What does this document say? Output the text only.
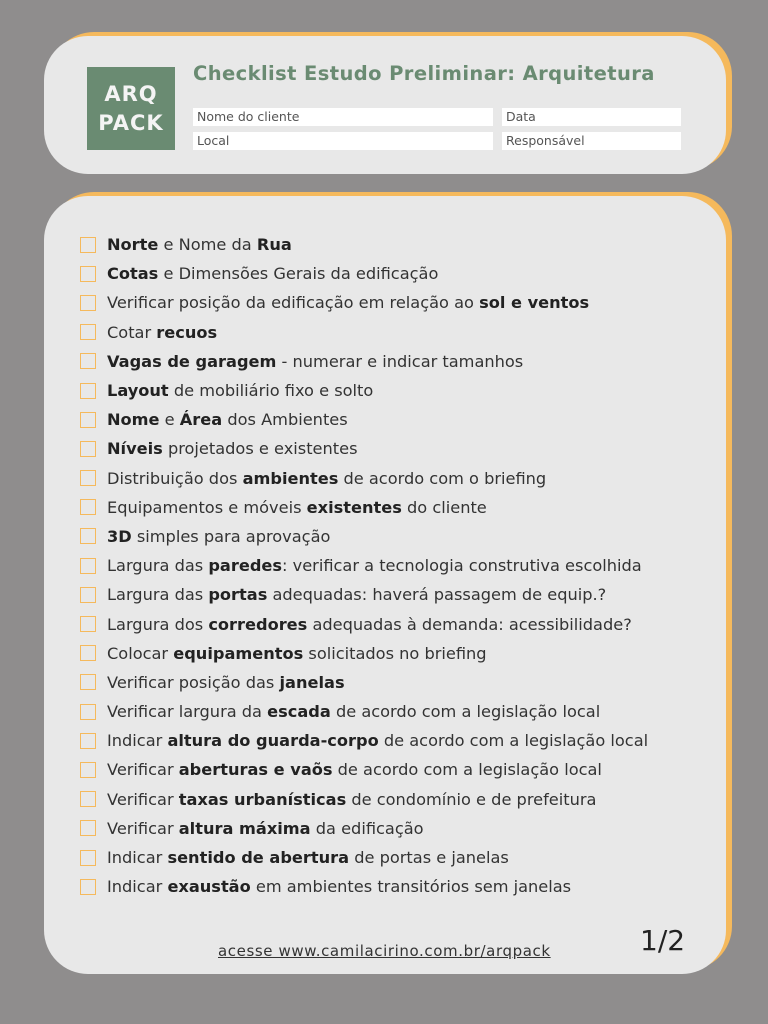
ARQ
PACK
Checklist Estudo Preliminar: Arquitetura
Nome do cliente	Data
Local	Responsável
Norte e Nome da Rua
Cotas e Dimensões Gerais da edificação
Verificar posição da edificação em relação ao sol e ventos
Cotar recuos
Vagas de garagem - numerar e indicar tamanhos
Layout de mobiliário fixo e solto
Nome e Área dos Ambientes
Níveis projetados e existentes
Distribuição dos ambientes de acordo com o briefing
Equipamentos e móveis existentes do cliente
3D simples para aprovação
Largura das paredes: verificar a tecnologia construtiva escolhida
Largura das portas adequadas: haverá passagem de equip.?
Largura dos corredores adequadas à demanda: acessibilidade?
Colocar equipamentos solicitados no briefing
Verificar posição das janelas
Verificar largura da escada de acordo com a legislação local
Indicar altura do guarda-corpo de acordo com a legislação local
Verificar aberturas e vaõs de acordo com a legislação local
Verificar taxas urbanísticas de condomínio e de prefeitura
Verificar altura máxima da edificação
Indicar sentido de abertura de portas e janelas
Indicar exaustão em ambientes transitórios sem janelas
acesse www.camilacirino.com.br/arqpack	1/2
